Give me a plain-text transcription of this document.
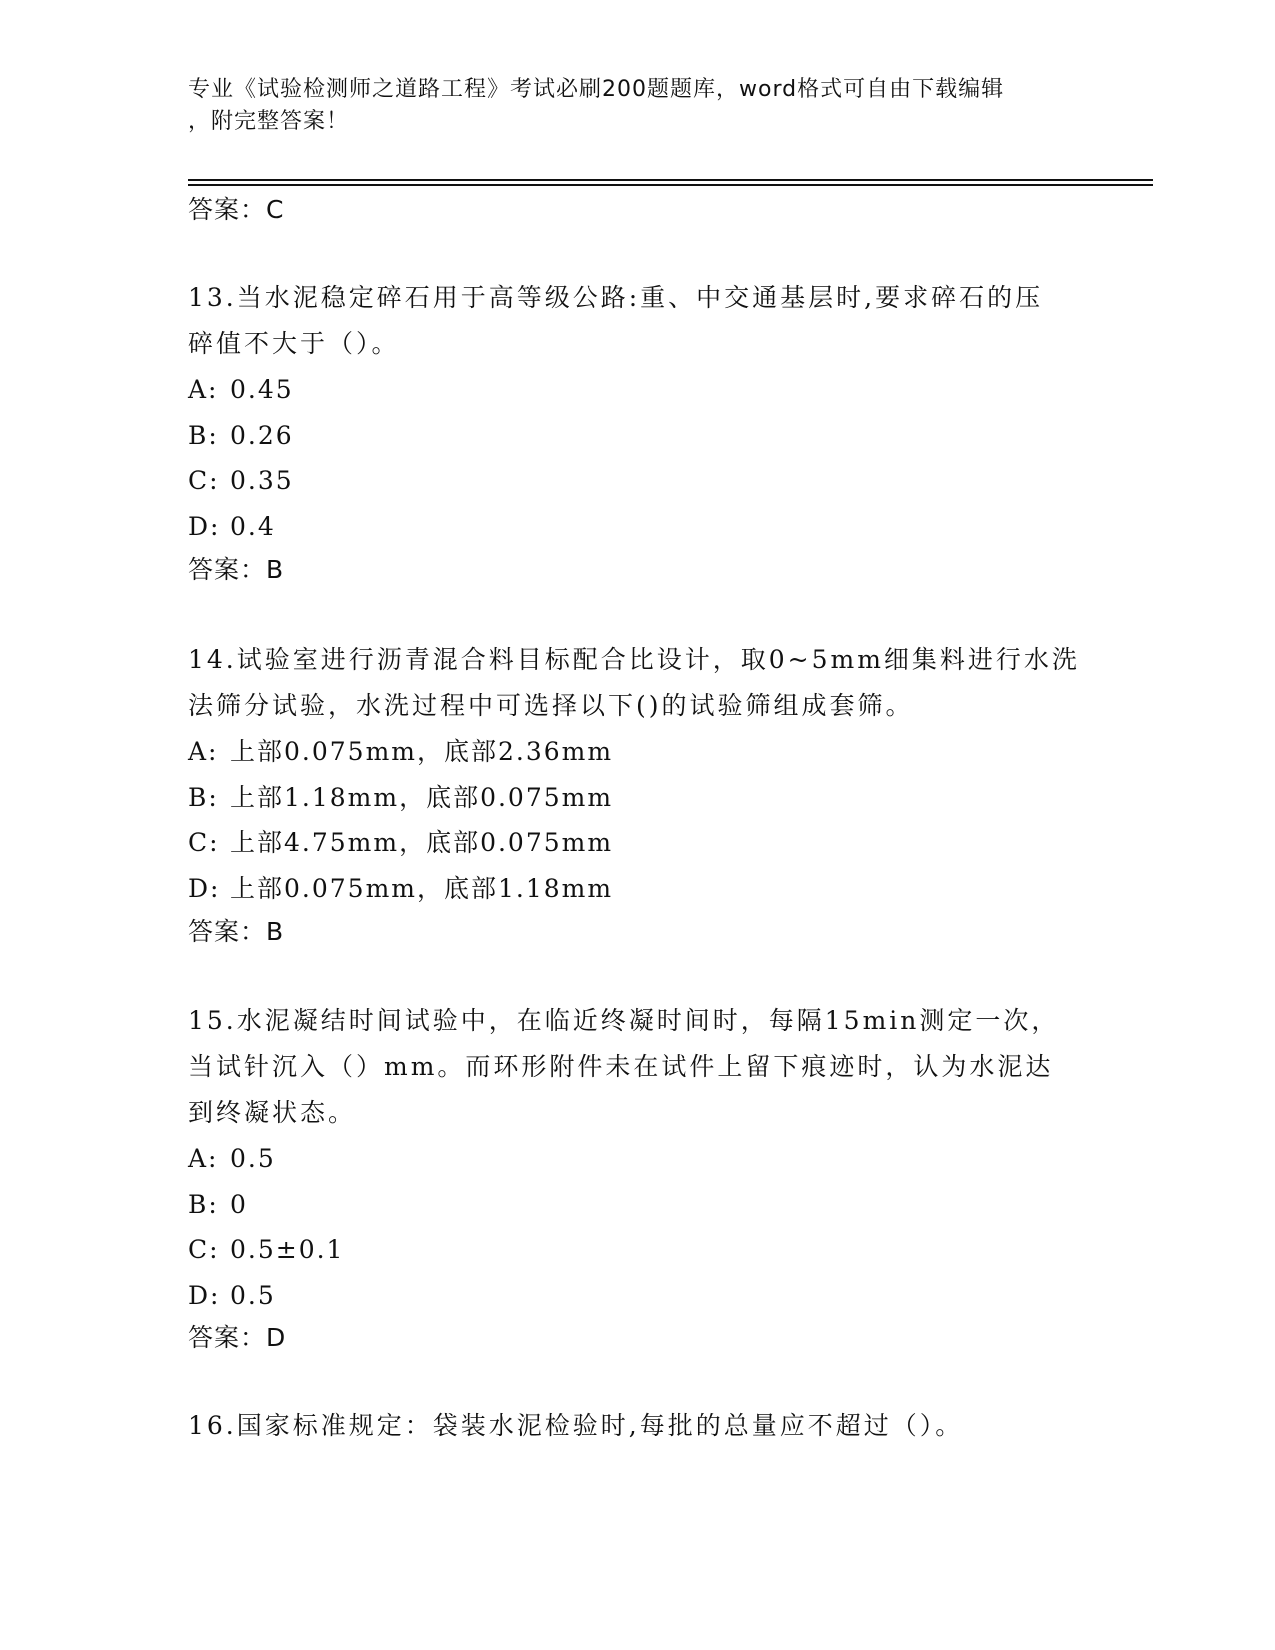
专业《试验检测师之道路工程》考试必刷200题题库，word格式可自由下载编辑
，附完整答案！
答案：C
13.当水泥稳定碎石用于高等级公路:重、中交通基层时,要求碎石的压
碎值不大于（）。
A: 0.45
B: 0.26
C: 0.35
D: 0.4
答案：B
14.试验室进行沥青混合料目标配合比设计，取0~5mm细集料进行水洗
法筛分试验，水洗过程中可选择以下()的试验筛组成套筛。
A: 上部0.075mm，底部2.36mm
B: 上部1.18mm，底部0.075mm
C: 上部4.75mm，底部0.075mm
D: 上部0.075mm，底部1.18mm
答案：B
15.水泥凝结时间试验中，在临近终凝时间时，每隔15min测定一次，
当试针沉入（）mm。而环形附件未在试件上留下痕迹时，认为水泥达
到终凝状态。
A: 0.5
B: 0
C: 0.5±0.1
D: 0.5
答案：D
16.国家标准规定：袋装水泥检验时,每批的总量应不超过（）。
